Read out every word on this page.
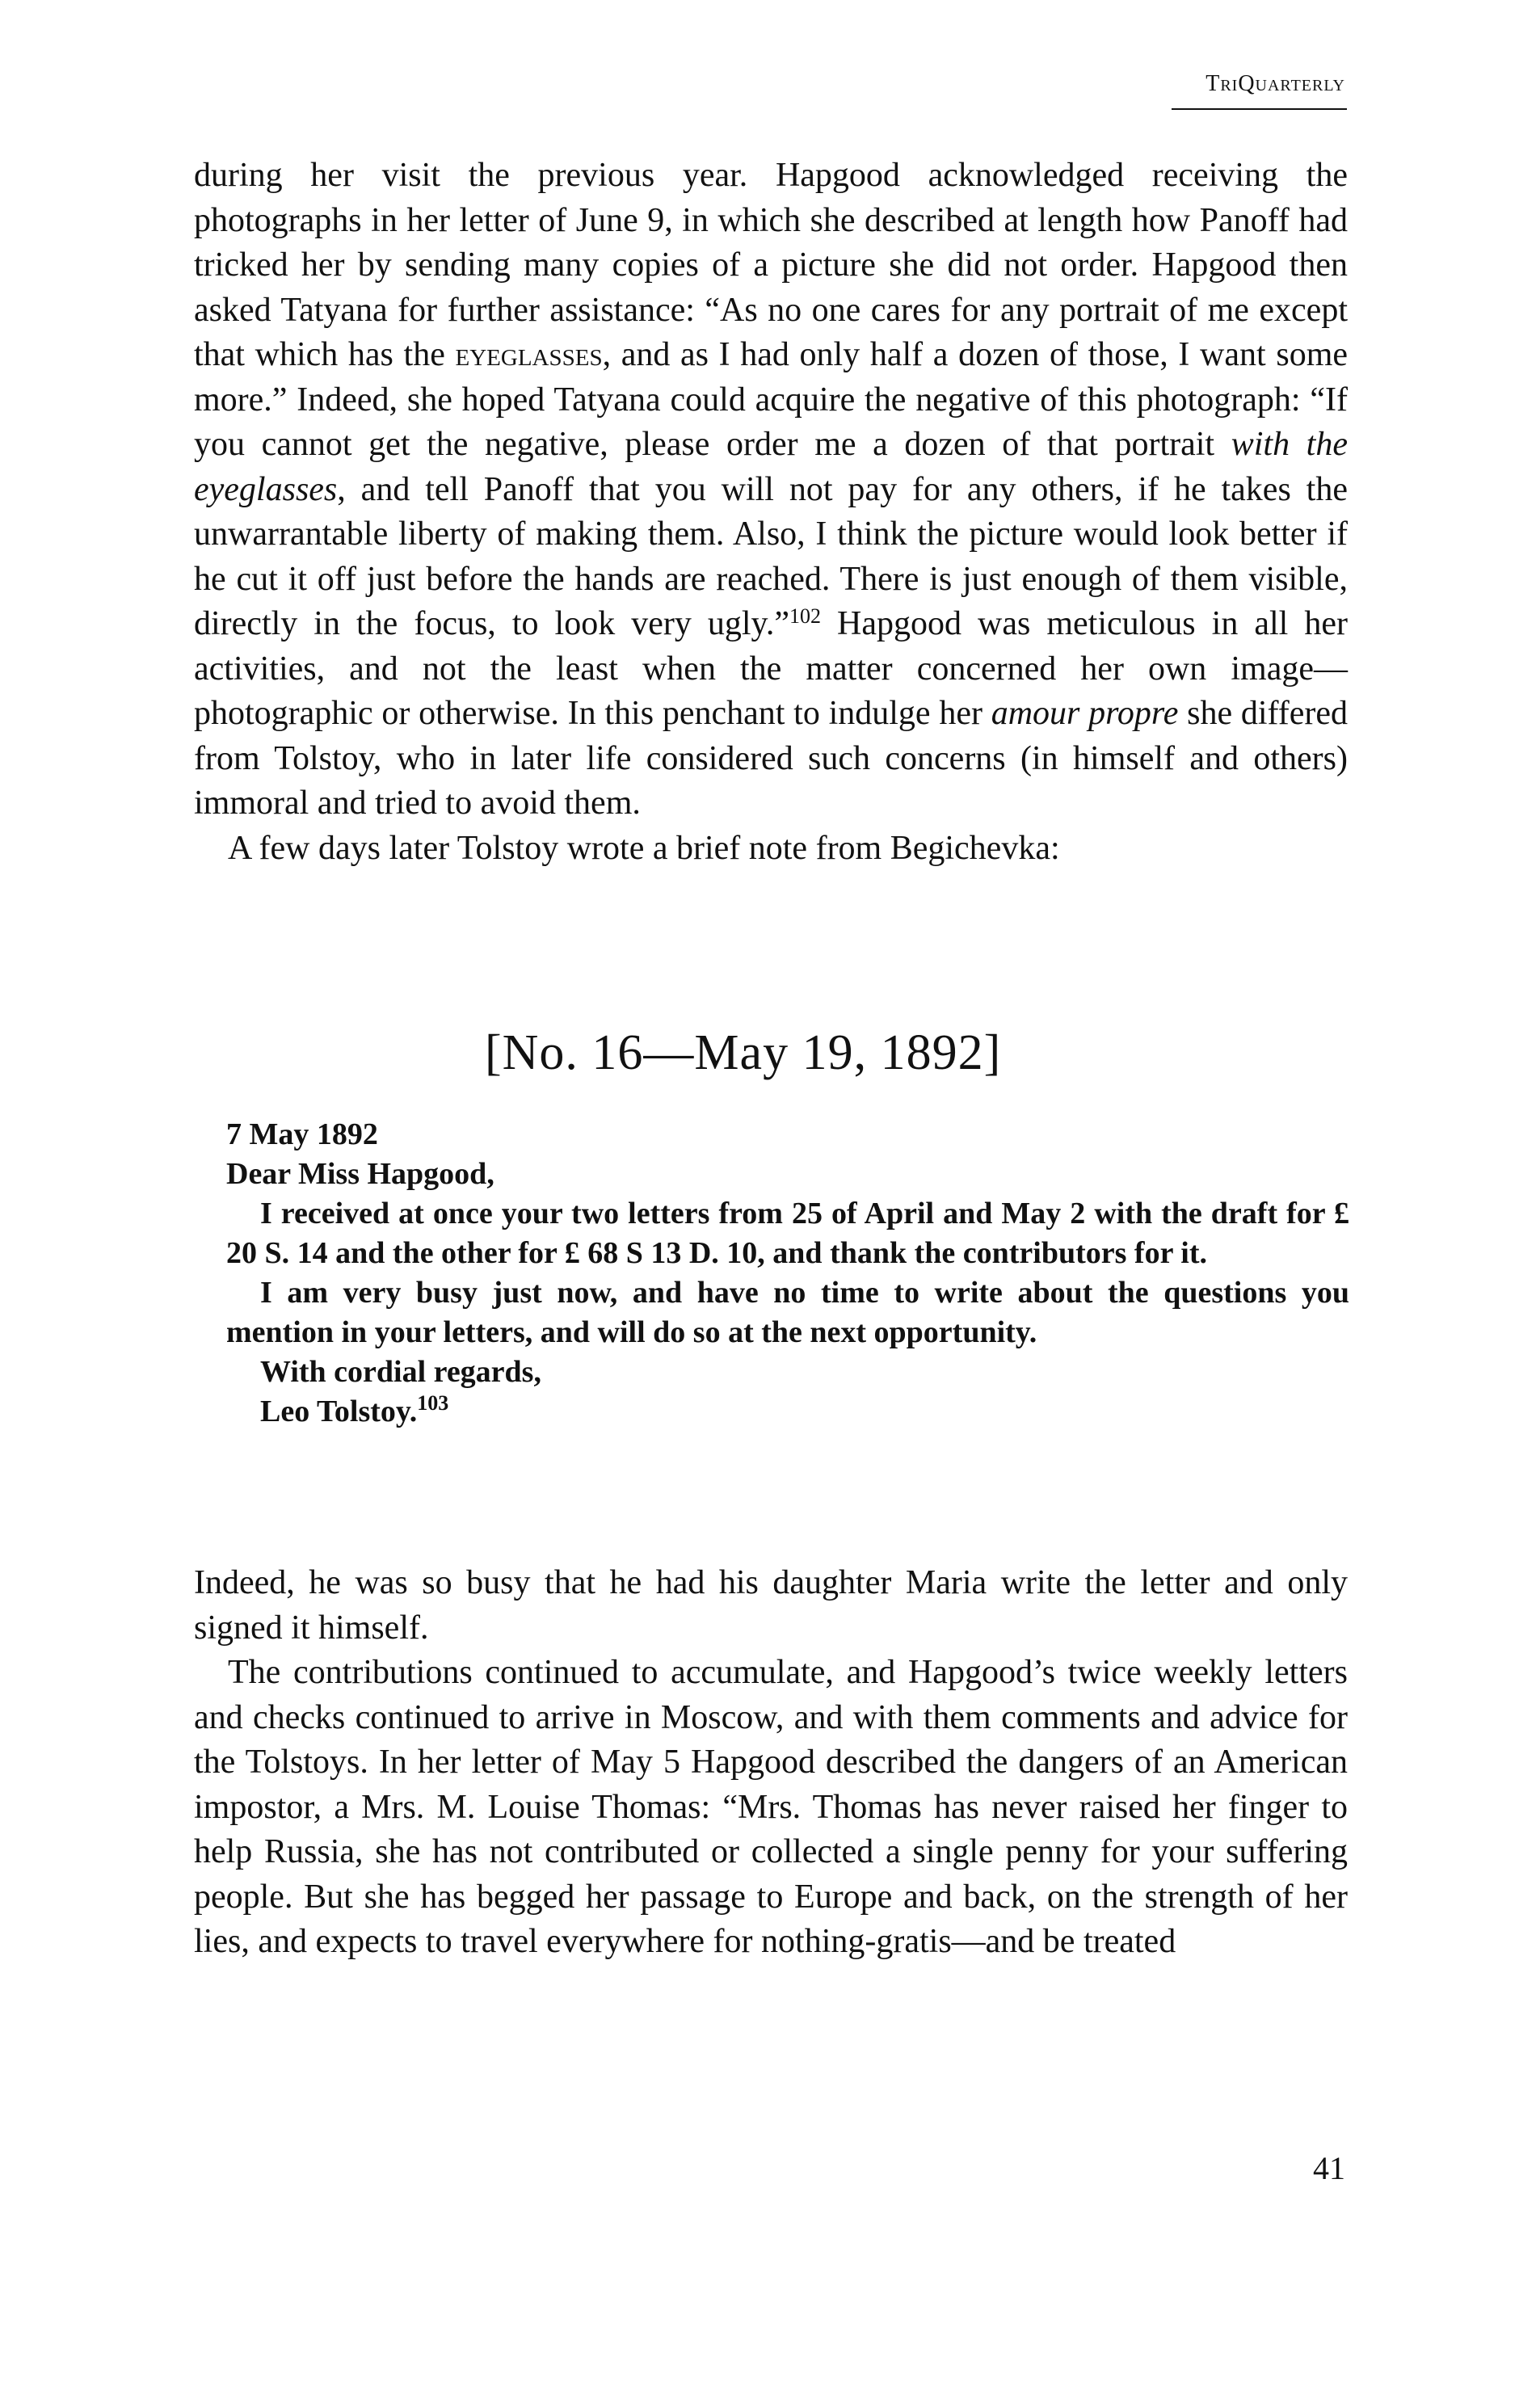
TriQuarterly

during her visit the previous year. Hapgood acknowledged receiving the photographs in her letter of June 9, in which she described at length how Panoff had tricked her by sending many copies of a picture she did not order. Hapgood then asked Tatyana for further assistance: “As no one cares for any portrait of me except that which has the eyeglasses, and as I had only half a dozen of those, I want some more.” Indeed, she hoped Tatyana could acquire the negative of this photograph: “If you cannot get the negative, please order me a dozen of that portrait with the eyeglasses, and tell Panoff that you will not pay for any others, if he takes the unwarrantable liberty of making them. Also, I think the picture would look better if he cut it off just before the hands are reached. There is just enough of them visible, directly in the focus, to look very ugly.”$^{102}$ Hapgood was meticulous in all her activities, and not the least when the matter concerned her own image—photographic or otherwise. In this penchant to indulge her amour propre she differed from Tolstoy, who in later life considered such concerns (in himself and others) immoral and tried to avoid them.

A few days later Tolstoy wrote a brief note from Begichevka:

[No. 16—May 19, 1892]

7 May 1892

Dear Miss Hapgood,

I received at once your two letters from 25 of April and May 2 with the draft for £ 20 S. 14 and the other for £ 68 S 13 D. 10, and thank the contributors for it.

I am very busy just now, and have no time to write about the questions you mention in your letters, and will do so at the next opportunity.

With cordial regards,

Leo Tolstoy.$^{103}$

Indeed, he was so busy that he had his daughter Maria write the letter and only signed it himself.

The contributions continued to accumulate, and Hapgood’s twice weekly letters and checks continued to arrive in Moscow, and with them comments and advice for the Tolstoys. In her letter of May 5 Hapgood described the dangers of an American impostor, a Mrs. M. Louise Thomas: “Mrs. Thomas has never raised her finger to help Russia, she has not contributed or collected a single penny for your suffering people. But she has begged her passage to Europe and back, on the strength of her lies, and expects to travel everywhere for nothing-gratis—and be treated

41
